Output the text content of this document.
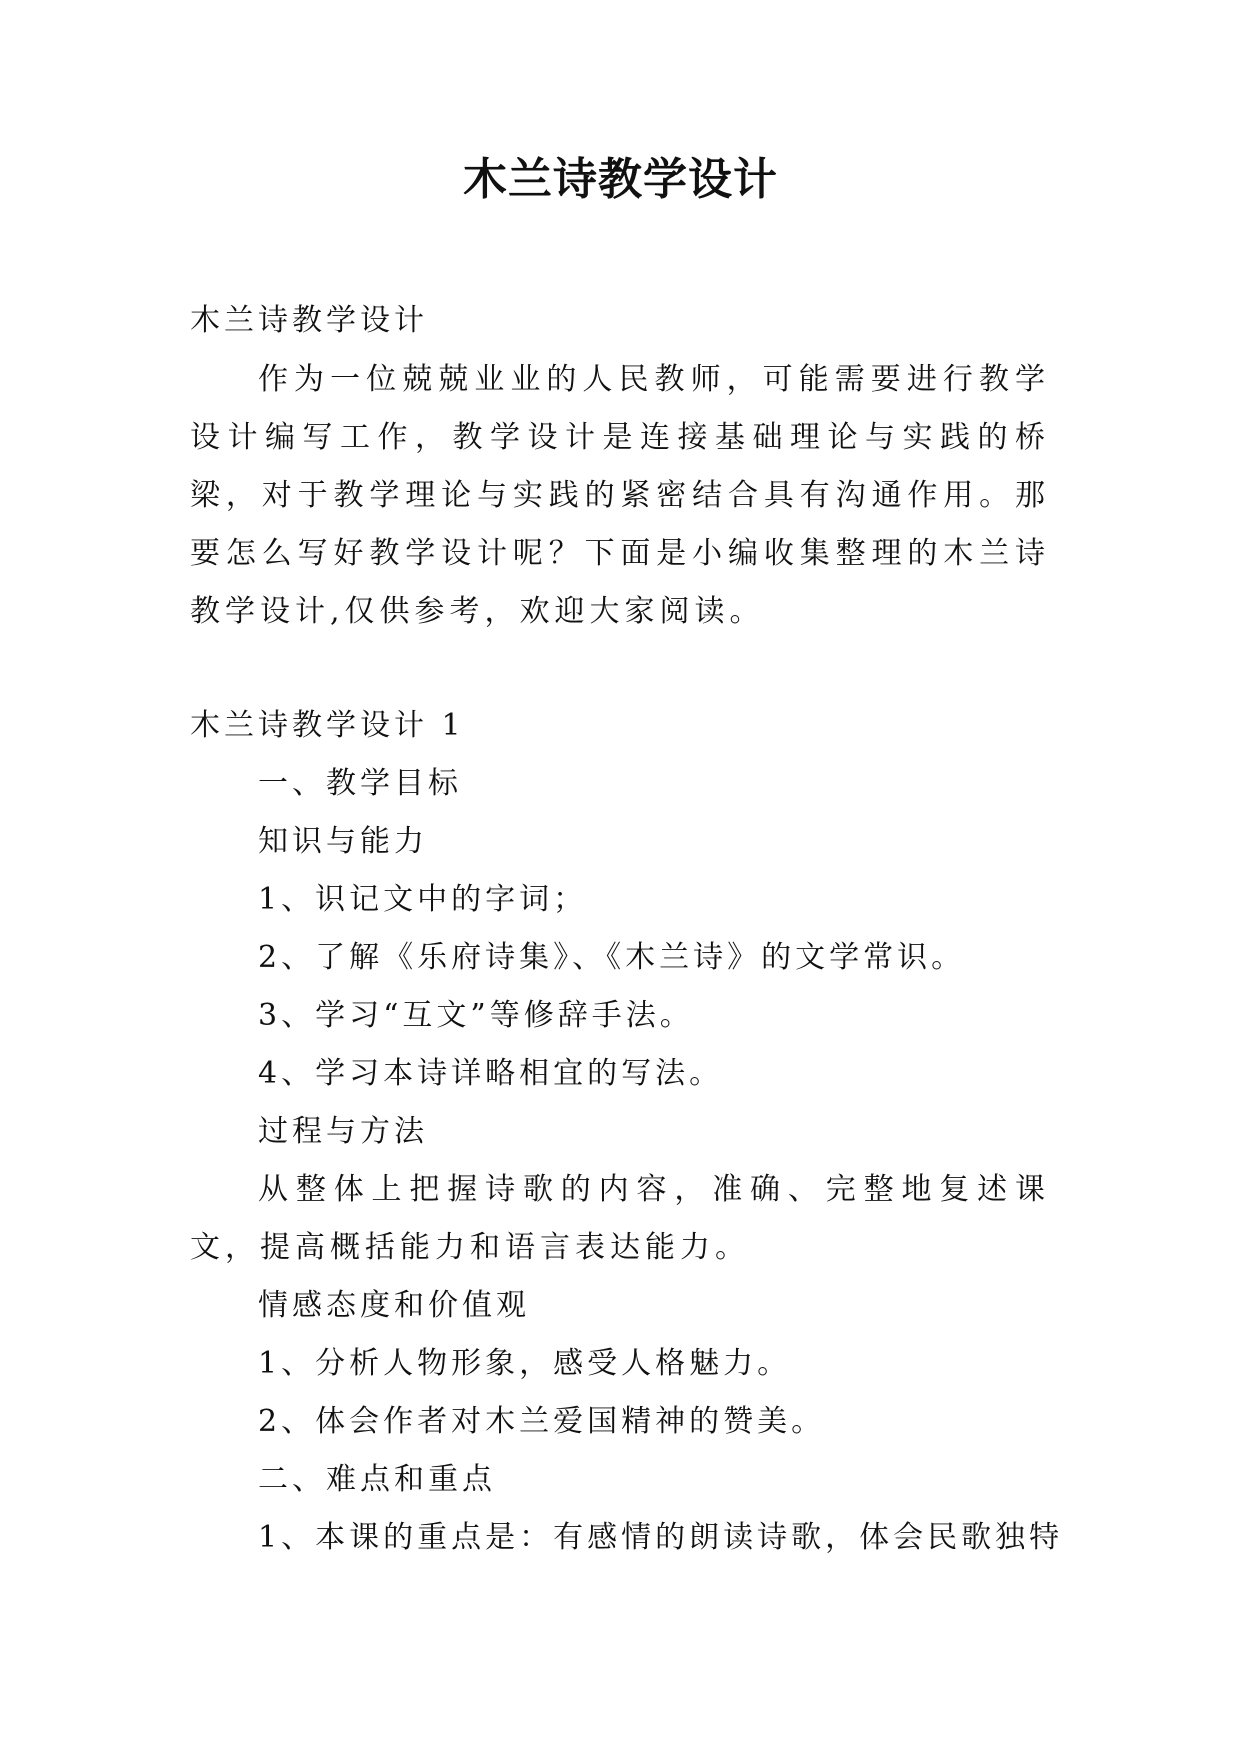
木兰诗教学设计
木兰诗教学设计
作为一位兢兢业业的人民教师，可能需要进行教学设计编写工作，教学设计是连接基础理论与实践的桥梁，对于教学理论与实践的紧密结合具有沟通作用。那要怎么写好教学设计呢？下面是小编收集整理的木兰诗教学设计,仅供参考，欢迎大家阅读。
木兰诗教学设计 1
一、教学目标
知识与能力
1、识记文中的字词；
2、了解《乐府诗集》、《木兰诗》的文学常识。
3、学习“互文”等修辞手法。
4、学习本诗详略相宜的写法。
过程与方法
从整体上把握诗歌的内容，准确、完整地复述课文，提高概括能力和语言表达能力。
情感态度和价值观
1、分析人物形象，感受人格魅力。
2、体会作者对木兰爱国精神的赞美。
二、难点和重点
1、本课的重点是：有感情的朗读诗歌，体会民歌独特
